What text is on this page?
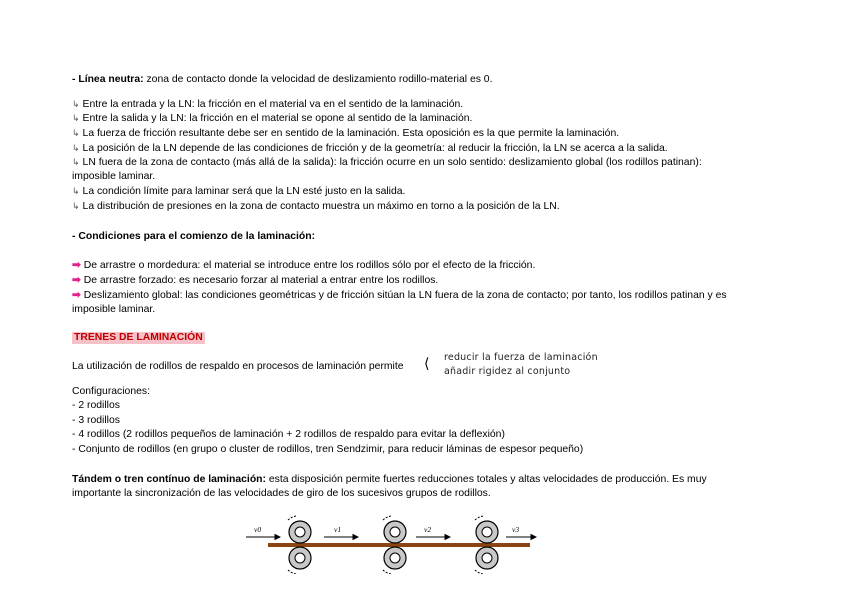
- Línea neutra: zona de contacto donde la velocidad de deslizamiento rodillo-material es 0.
↳ Entre la entrada y la LN: la fricción en el material va en el sentido de la laminación.
↳ Entre la salida y la LN: la fricción en el material se opone al sentido de la laminación.
↳ La fuerza de fricción resultante debe ser en sentido de la laminación. Esta oposición es la que permite la laminación.
↳ La posición de la LN depende de las condiciones de fricción y de la geometría: al reducir la fricción, la LN se acerca a la salida.
↳ LN fuera de la zona de contacto (más allá de la salida): la fricción ocurre en un solo sentido: deslizamiento global (los rodillos patinan):
imposible laminar.
↳ La condición límite para laminar será que la LN esté justo en la salida.
↳ La distribución de presiones en la zona de contacto muestra un máximo en torno a la posición de la LN.
- Condiciones para el comienzo de la laminación:
➡ De arrastre o mordedura: el material se introduce entre los rodillos sólo por el efecto de la fricción.
➡ De arrastre forzado: es necesario forzar al material a entrar entre los rodillos.
➡ Deslizamiento global: las condiciones geométricas y de fricción sitúan la LN fuera de la zona de contacto; por tanto, los rodillos patinan y es
imposible laminar.
TRENES DE LAMINACIÓN
La utilización de rodillos de respaldo en procesos de laminación permite ⟨ reducir la fuerza de laminación
añadir rigidez al conjunto
Configuraciones:
- 2 rodillos
- 3 rodillos
- 4 rodillos (2 rodillos pequeños de laminación + 2 rodillos de respaldo para evitar la deflexión)
- Conjunto de rodillos (en grupo o cluster de rodillos, tren Sendzimir, para reducir láminas de espesor pequeño)
Tándem o tren contínuo de laminación: esta disposición permite fuertes reducciones totales y altas velocidades de producción. Es muy
importante la sincronización de las velocidades de giro de los sucesivos grupos de rodillos.
v0	v1	v2	v3
